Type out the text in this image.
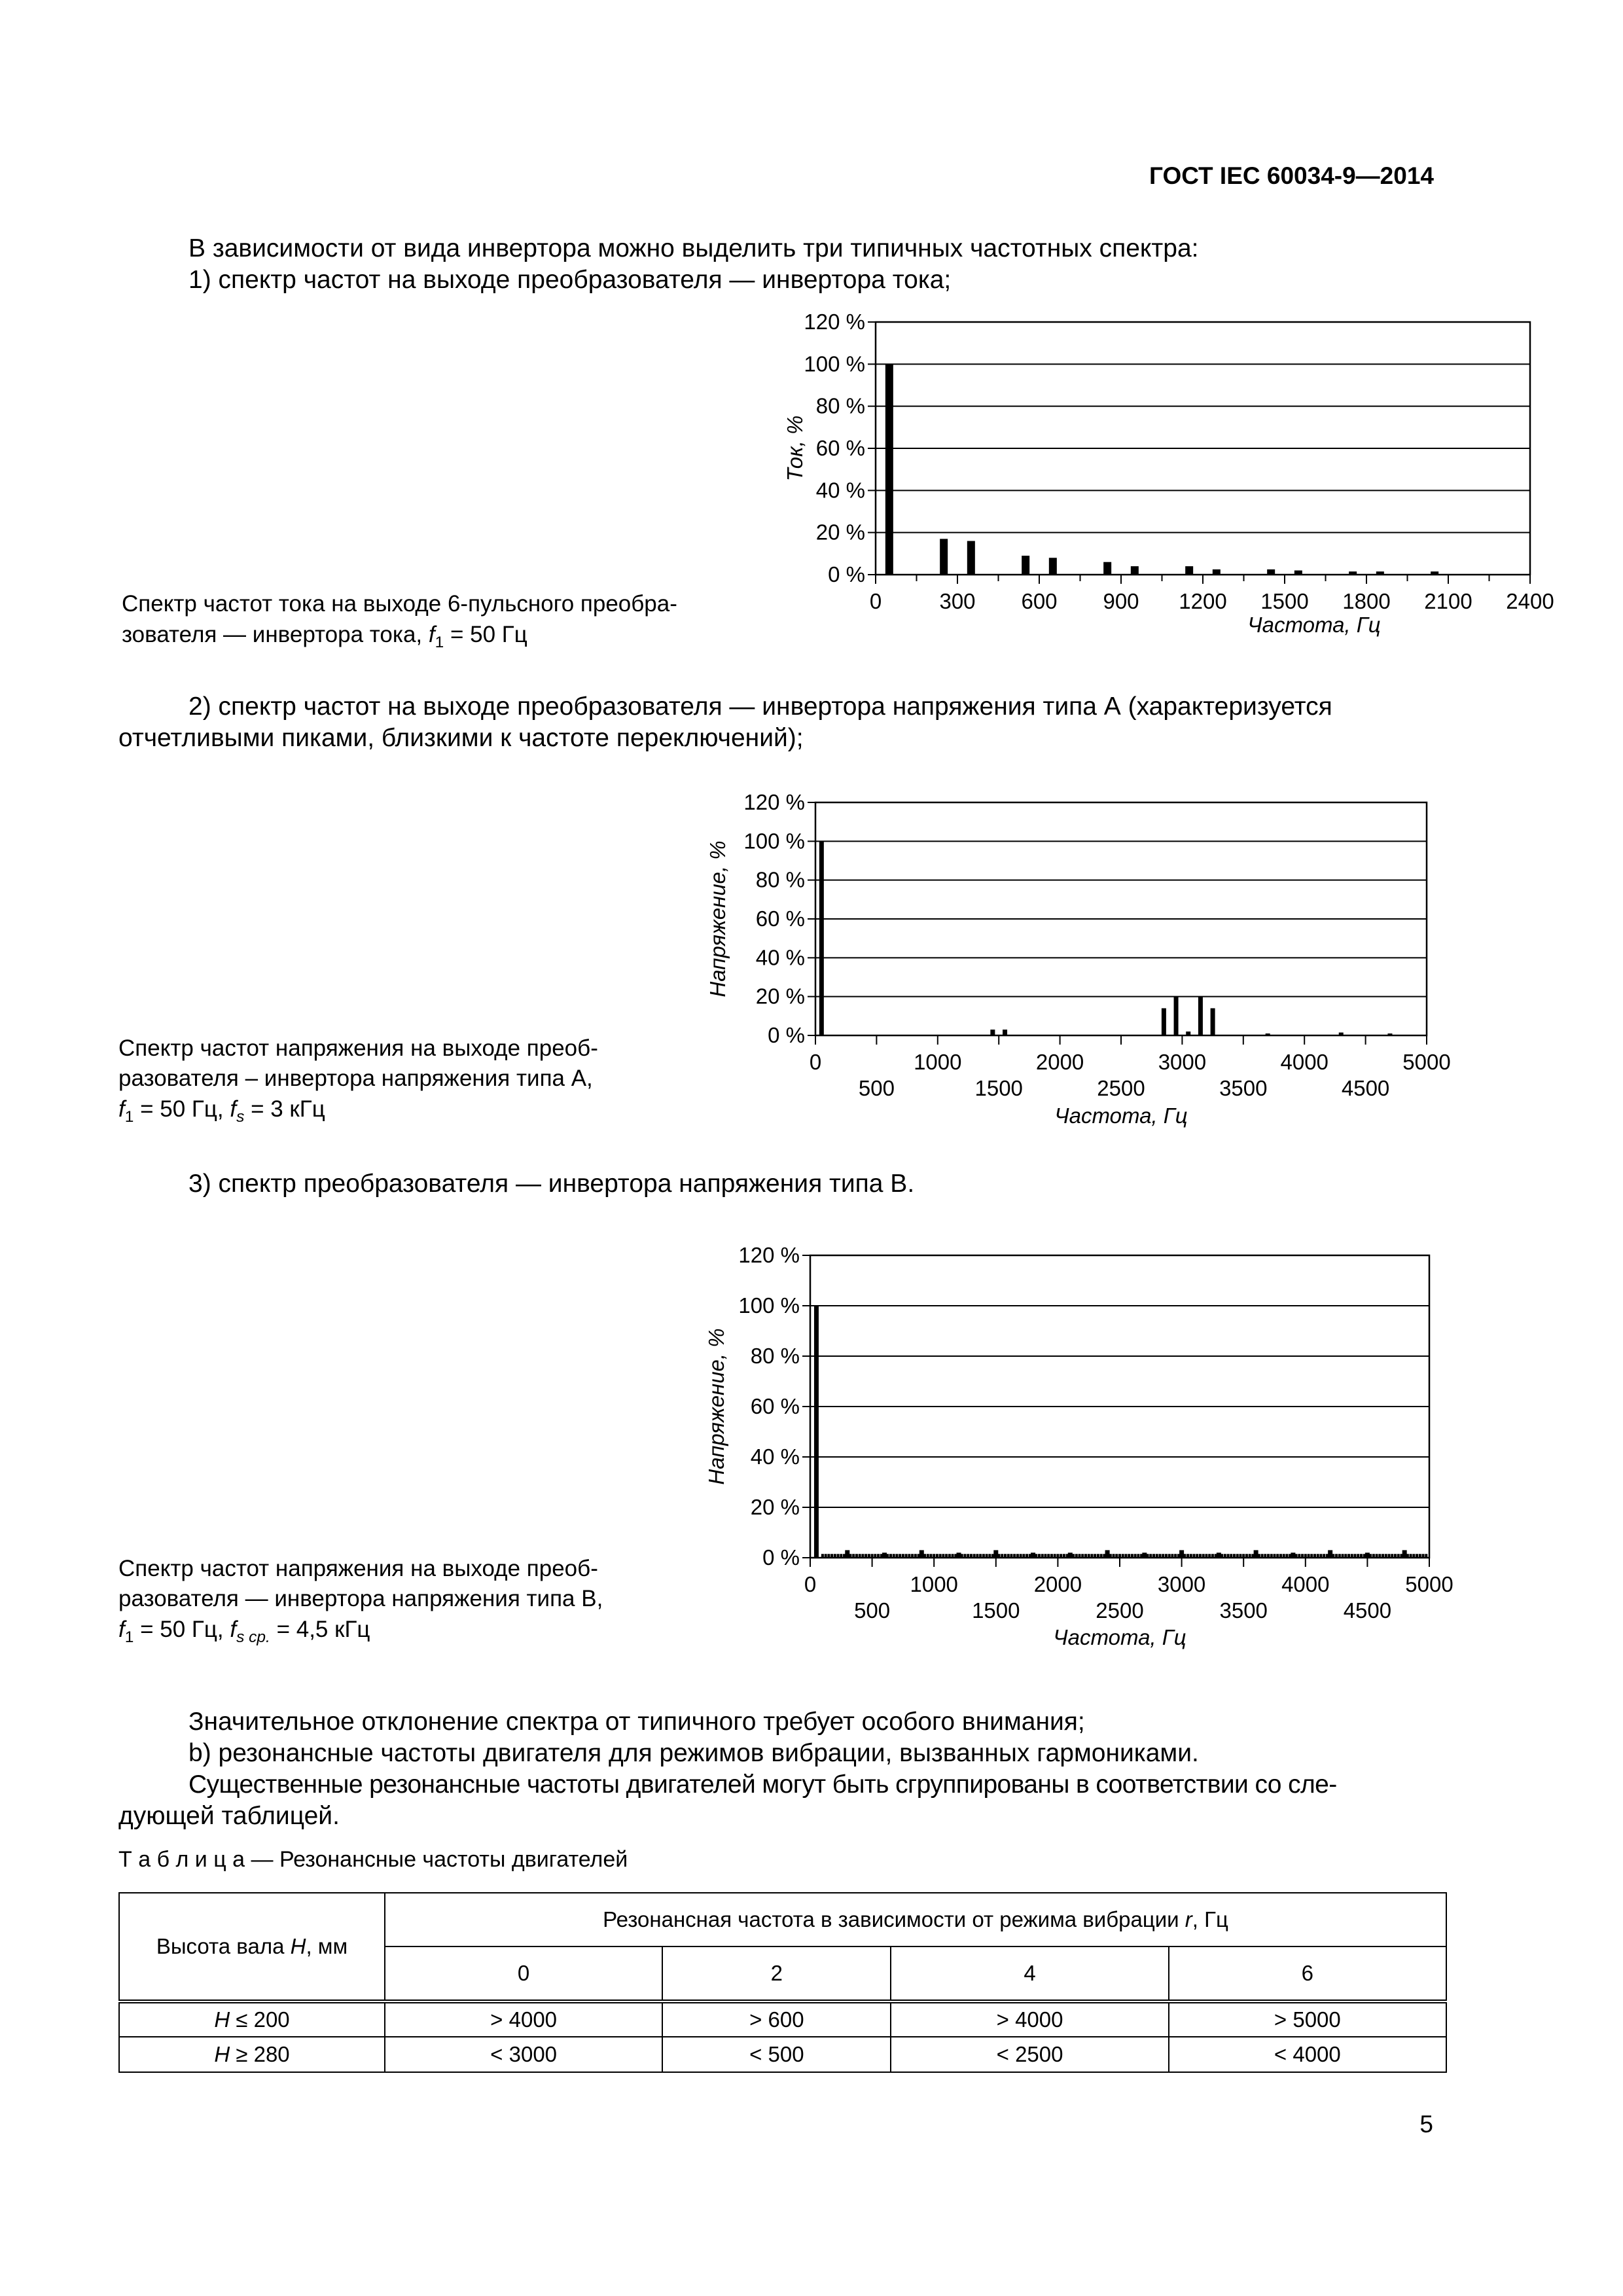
ГОСТ IEC 60034-9—2014
В зависимости от вида инвертора можно выделить три типичных частотных спектра:
1) спектр частот на выходе преобразователя — инвертора тока;
0 %
20 %
40 %
60 %
80 %
100 %
120 %
0	300 600 900 1200 1500 1800 2100 2400
Частота, Гц
Ток, %
Спектр частот тока на выходе 6-пульсного преобра-
зователя — инвертора тока, $f_1 = 50$ Гц
2) спектр частот на выходе преобразователя — инвертора напряжения типа А (характеризуется
отчетливыми пиками, близкими к частоте переключений);
0 %
20 %
40 %
60 %
80 %
100 %
120 %
0	1000	2000	3000	4000	5000
500	1500	2500	3500	4500
Частота, Гц
Напряжение, %
Спектр частот напряжения на выходе преоб-
разователя – инвертора напряжения типа А,
$f_1 = 50$ Гц, $f_s = 3$ кГц
3) спектр преобразователя — инвертора напряжения типа В.
0 %
20 %
40 %
60 %
80 %
100 %
120 %
0	1000	2000	3000	4000	5000
500	1500	2500	3500	4500
Частота, Гц
Напряжение, %
Спектр частот напряжения на выходе преоб-
разователя — инвертора напряжения типа В,
$f_1 = 50$ Гц, $f_{s ср.} = 4,5$ кГц
Значительное отклонение спектра от типичного требует особого внимания;
b) резонансные частоты двигателя для режимов вибрации, вызванных гармониками.
Существенные резонансные частоты двигателей могут быть сгруппированы в соответствии со сле-
дующей таблицей.
Т а б л и ц а — Резонансные частоты двигателей
Высота вала H, мм	Резонансная частота в зависимости от режима вибрации r, Гц			
	0	2	4	6
H ≤ 200	> 4000	> 600	> 4000	> 5000
H ≥ 280	< 3000	< 500	< 2500	< 4000
5
